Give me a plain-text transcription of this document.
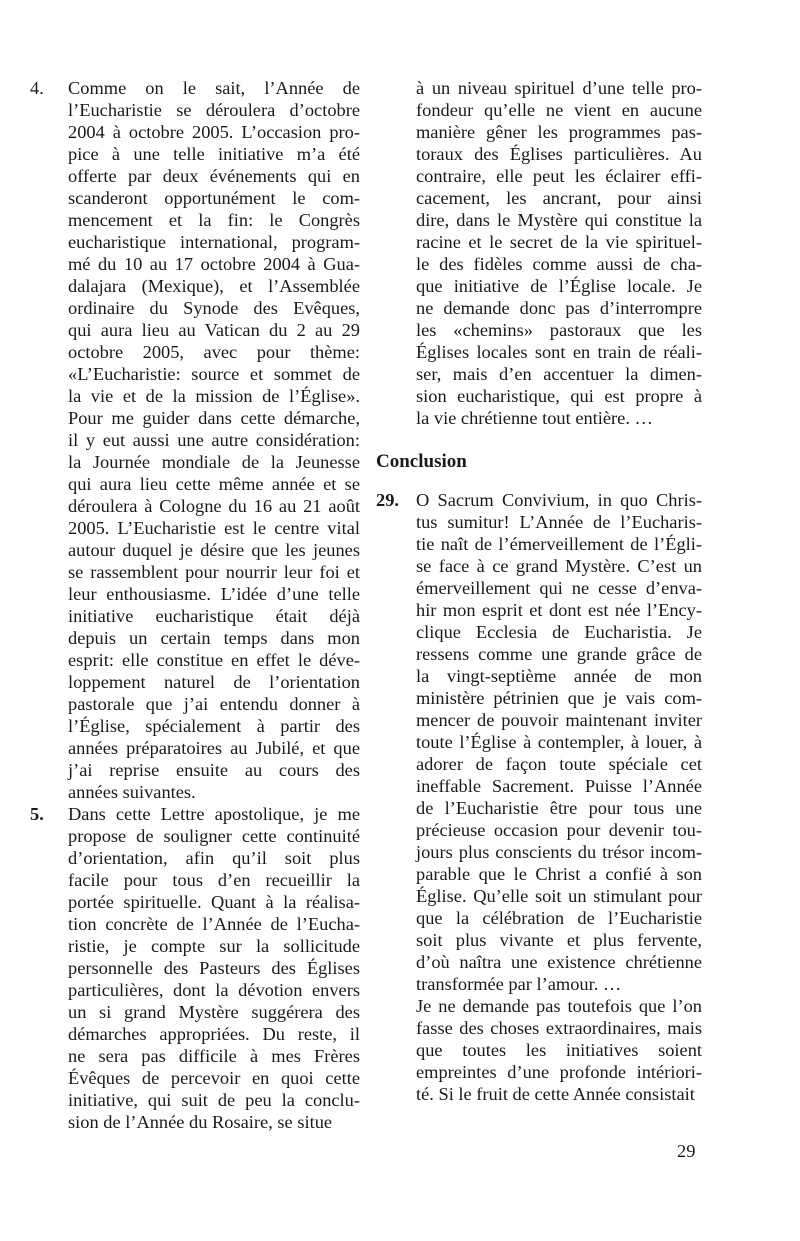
4. Comme on le sait, l’Année de
l’Eucharistie se déroulera d’octobre
2004 à octobre 2005. L’occasion pro-
pice à une telle initiative m’a été
offerte par deux événements qui en
scanderont opportunément le com-
mencement et la fin: le Congrès
eucharistique international, program-
mé du 10 au 17 octobre 2004 à Gua-
dalajara (Mexique), et l’Assemblée
ordinaire du Synode des Evêques,
qui aura lieu au Vatican du 2 au 29
octobre 2005, avec pour thème:
«L’Eucharistie: source et sommet de
la vie et de la mission de l’Église».
Pour me guider dans cette démarche,
il y eut aussi une autre considération:
la Journée mondiale de la Jeunesse
qui aura lieu cette même année et se
déroulera à Cologne du 16 au 21 août
2005. L’Eucharistie est le centre vital
autour duquel je désire que les jeunes
se rassemblent pour nourrir leur foi et
leur enthousiasme. L’idée d’une telle
initiative eucharistique était déjà
depuis un certain temps dans mon
esprit: elle constitue en effet le déve-
loppement naturel de l’orientation
pastorale que j’ai entendu donner à
l’Église, spécialement à partir des
années préparatoires au Jubilé, et que
j’ai reprise ensuite au cours des
années suivantes.
5. Dans cette Lettre apostolique, je me
propose de souligner cette continuité
d’orientation, afin qu’il soit plus
facile pour tous d’en recueillir la
portée spirituelle. Quant à la réalisa-
tion concrète de l’Année de l’Eucha-
ristie, je compte sur la sollicitude
personnelle des Pasteurs des Églises
particulières, dont la dévotion envers
un si grand Mystère suggérera des
démarches appropriées. Du reste, il
ne sera pas difficile à mes Frères
Évêques de percevoir en quoi cette
initiative, qui suit de peu la conclu-
sion de l’Année du Rosaire, se situe
à un niveau spirituel d’une telle pro-
fondeur qu’elle ne vient en aucune
manière gêner les programmes pas-
toraux des Églises particulières. Au
contraire, elle peut les éclairer effi-
cacement, les ancrant, pour ainsi
dire, dans le Mystère qui constitue la
racine et le secret de la vie spirituel-
le des fidèles comme aussi de cha-
que initiative de l’Église locale. Je
ne demande donc pas d’interrompre
les «chemins» pastoraux que les
Églises locales sont en train de réali-
ser, mais d’en accentuer la dimen-
sion eucharistique, qui est propre à
la vie chrétienne tout entière. …
Conclusion
29. O Sacrum Convivium, in quo Chris-
tus sumitur! L’Année de l’Eucharis-
tie naît de l’émerveillement de l’Égli-
se face à ce grand Mystère. C’est un
émerveillement qui ne cesse d’enva-
hir mon esprit et dont est née l’Ency-
clique Ecclesia de Eucharistia. Je
ressens comme une grande grâce de
la vingt-septième année de mon
ministère pétrinien que je vais com-
mencer de pouvoir maintenant inviter
toute l’Église à contempler, à louer, à
adorer de façon toute spéciale cet
ineffable Sacrement. Puisse l’Année
de l’Eucharistie être pour tous une
précieuse occasion pour devenir tou-
jours plus conscients du trésor incom-
parable que le Christ a confié à son
Église. Qu’elle soit un stimulant pour
que la célébration de l’Eucharistie
soit plus vivante et plus fervente,
d’où naîtra une existence chrétienne
transformée par l’amour. …
Je ne demande pas toutefois que l’on
fasse des choses extraordinaires, mais
que toutes les initiatives soient
empreintes d’une profonde intériori-
té. Si le fruit de cette Année consistait
29
